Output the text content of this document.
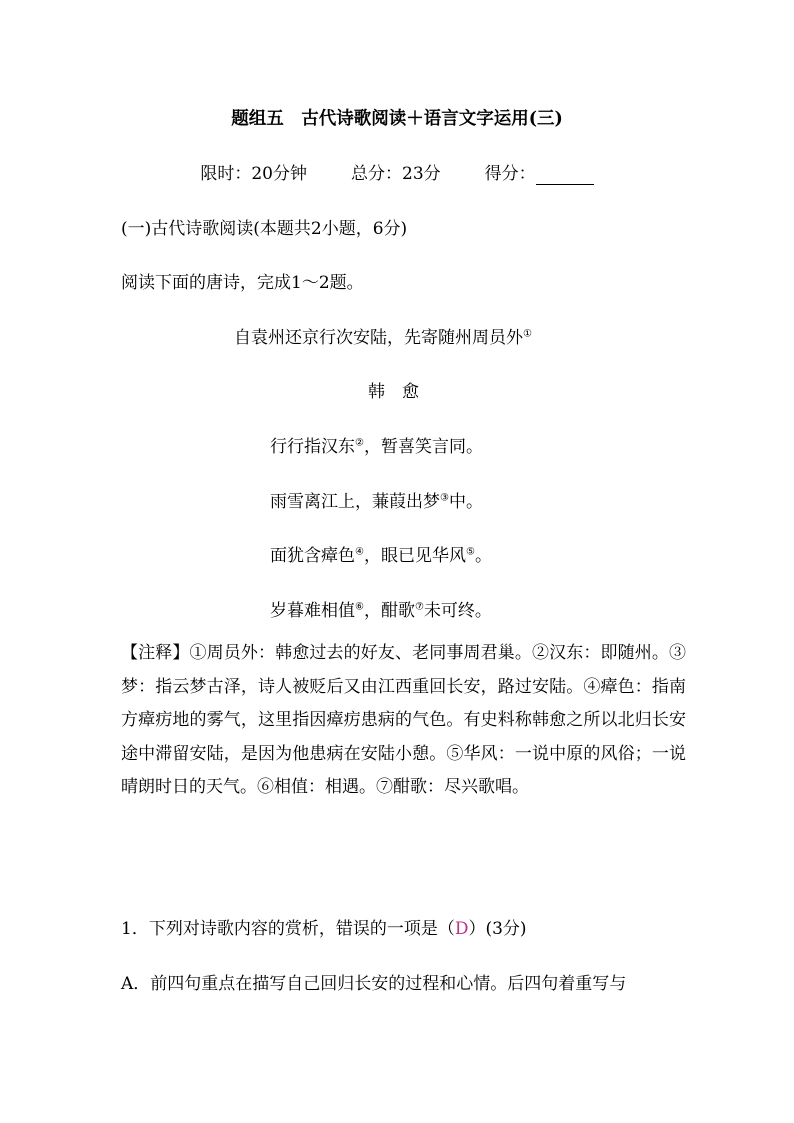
题组五　古代诗歌阅读＋语言文字运用(三)
限时：20分钟	总分：23分	得分：
(一)古代诗歌阅读(本题共2小题，6分)
阅读下面的唐诗，完成1～2题。
自袁州还京行次安陆，先寄随州周员外①
韩　愈
行行指汉东②，暂喜笑言同。
雨雪离江上，蒹葭出梦③中。
面犹含瘴色④，眼已见华风⑤。
岁暮难相值⑥，酣歌⑦未可终。
【注释】①周员外：韩愈过去的好友、老同事周君巢。②汉东：即随州。③梦：指云梦古泽，诗人被贬后又由江西重回长安，路过安陆。④瘴色：指南方瘴疠地的雾气，这里指因瘴疠患病的气色。有史料称韩愈之所以北归长安途中滞留安陆，是因为他患病在安陆小憩。⑤华风：一说中原的风俗；一说晴朗时日的天气。⑥相值：相遇。⑦酣歌：尽兴歌唱。
1．下列对诗歌内容的赏析，错误的一项是（D）(3分)
A．前四句重点在描写自己回归长安的过程和心情。后四句着重写与
